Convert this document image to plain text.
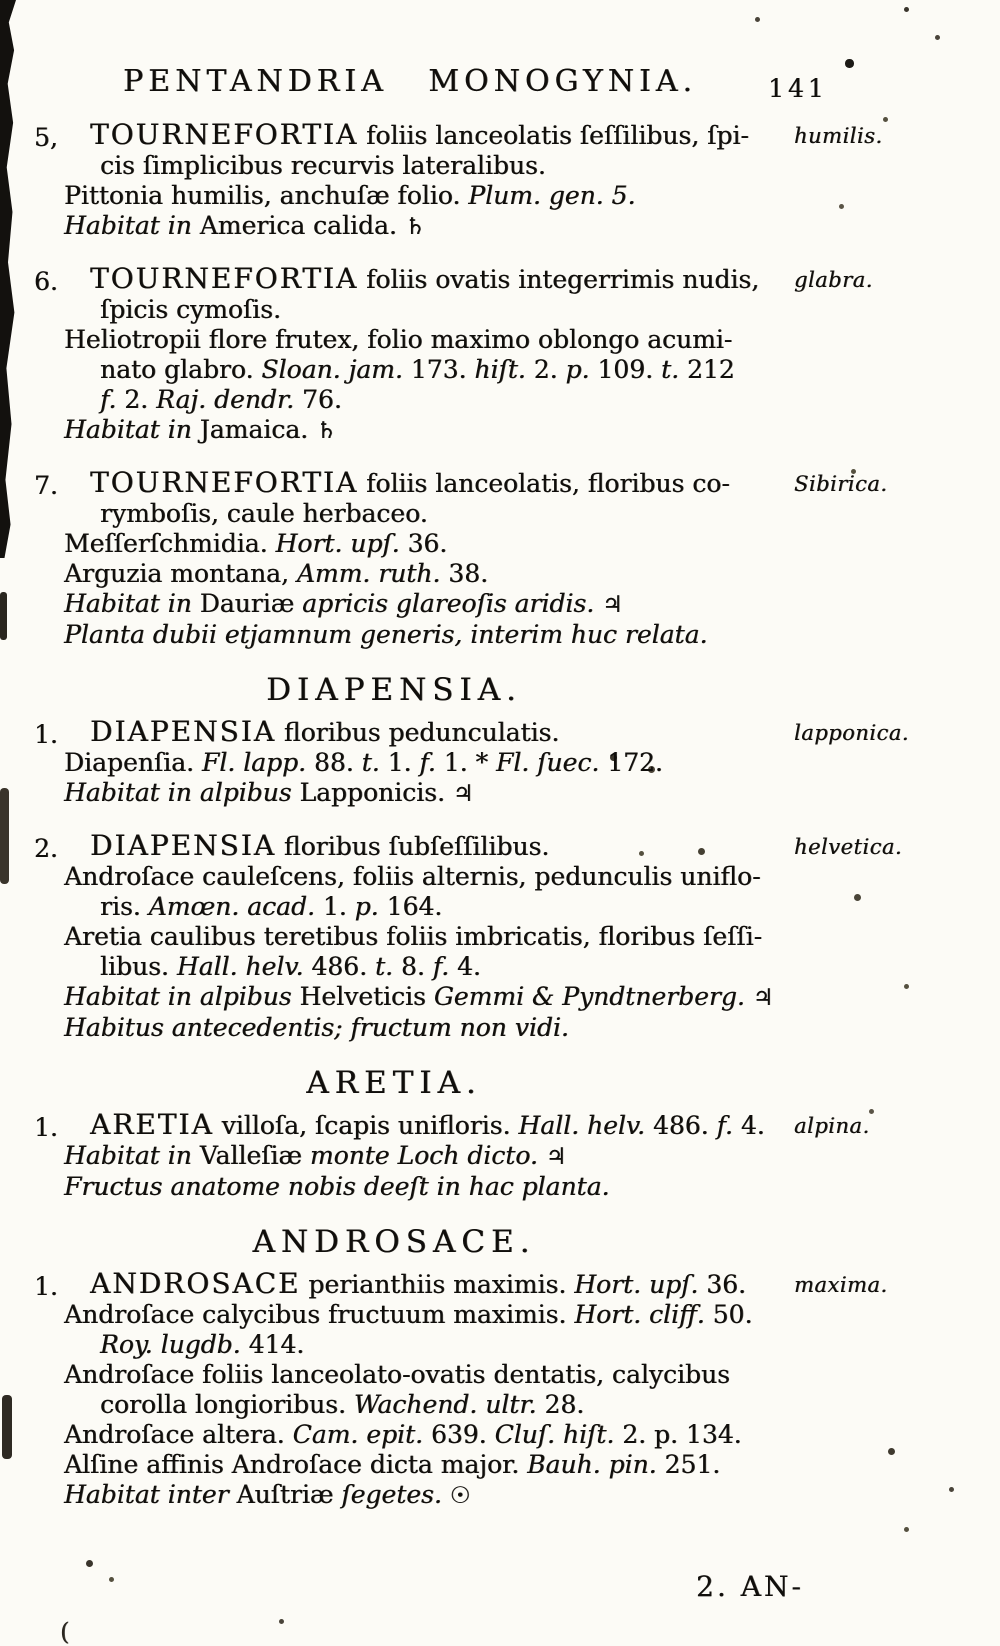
(
PENTANDRIA MONOGYNIA.	141
5,	TOURNEFORTIA foliis lanceolatis ſeſſilibus, ſpi-
cis ſimplicibus recurvis lateralibus.
Pittonia humilis, anchuſæ folio. Plum. gen. 5.
Habitat in America calida. ♄
humilis.
6.	TOURNEFORTIA foliis ovatis integerrimis nudis,
ſpicis cymoſis.
Heliotropii flore frutex, folio maximo oblongo acumi-
nato glabro. Sloan. jam. 173. hiſt. 2. p. 109. t. 212
f. 2. Raj. dendr. 76.
Habitat in Jamaica. ♄
glabra.
7.	TOURNEFORTIA foliis lanceolatis, floribus co-
rymboſis, caule herbaceo.
Meſſerſchmidia. Hort. upſ. 36.
Arguzia montana, Amm. ruth. 38.
Habitat in Dauriæ apricis glareoſis aridis. ♃
Planta dubii etjamnum generis, interim huc relata.
Sibirica.
DIAPENSIA.
1.	DIAPENSIA floribus pedunculatis.
Diapenſia. Fl. lapp. 88. t. 1. f. 1. * Fl. ſuec. 172.
Habitat in alpibus Lapponicis. ♃
lapponica.
2.	DIAPENSIA floribus ſubſeſſilibus.
Androſace cauleſcens, foliis alternis, pedunculis uniflo-
ris. Amœn. acad. 1. p. 164.
Aretia caulibus teretibus foliis imbricatis, floribus ſeſſi-
libus. Hall. helv. 486. t. 8. f. 4.
Habitat in alpibus Helveticis Gemmi & Pyndtnerberg. ♃
Habitus antecedentis; fructum non vidi.
helvetica.
ARETIA.
1.	ARETIA villoſa, ſcapis unifloris. Hall. helv. 486. f. 4.
Habitat in Valleſiæ monte Loch dicto. ♃
Fructus anatome nobis deeſt in hac planta.
alpina.
ANDROSACE.
1.	ANDROSACE perianthiis maximis. Hort. upſ. 36.
Androſace calycibus fructuum maximis. Hort. cliff. 50.
Roy. lugdb. 414.
Androſace foliis lanceolato-ovatis dentatis, calycibus
corolla longioribus. Wachend. ultr. 28.
Androſace altera. Cam. epit. 639. Cluſ. hiſt. 2. p. 134.
Alſine affinis Androſace dicta major. Bauh. pin. 251.
Habitat inter Auſtriæ ſegetes. ☉
maxima.
2. AN-
